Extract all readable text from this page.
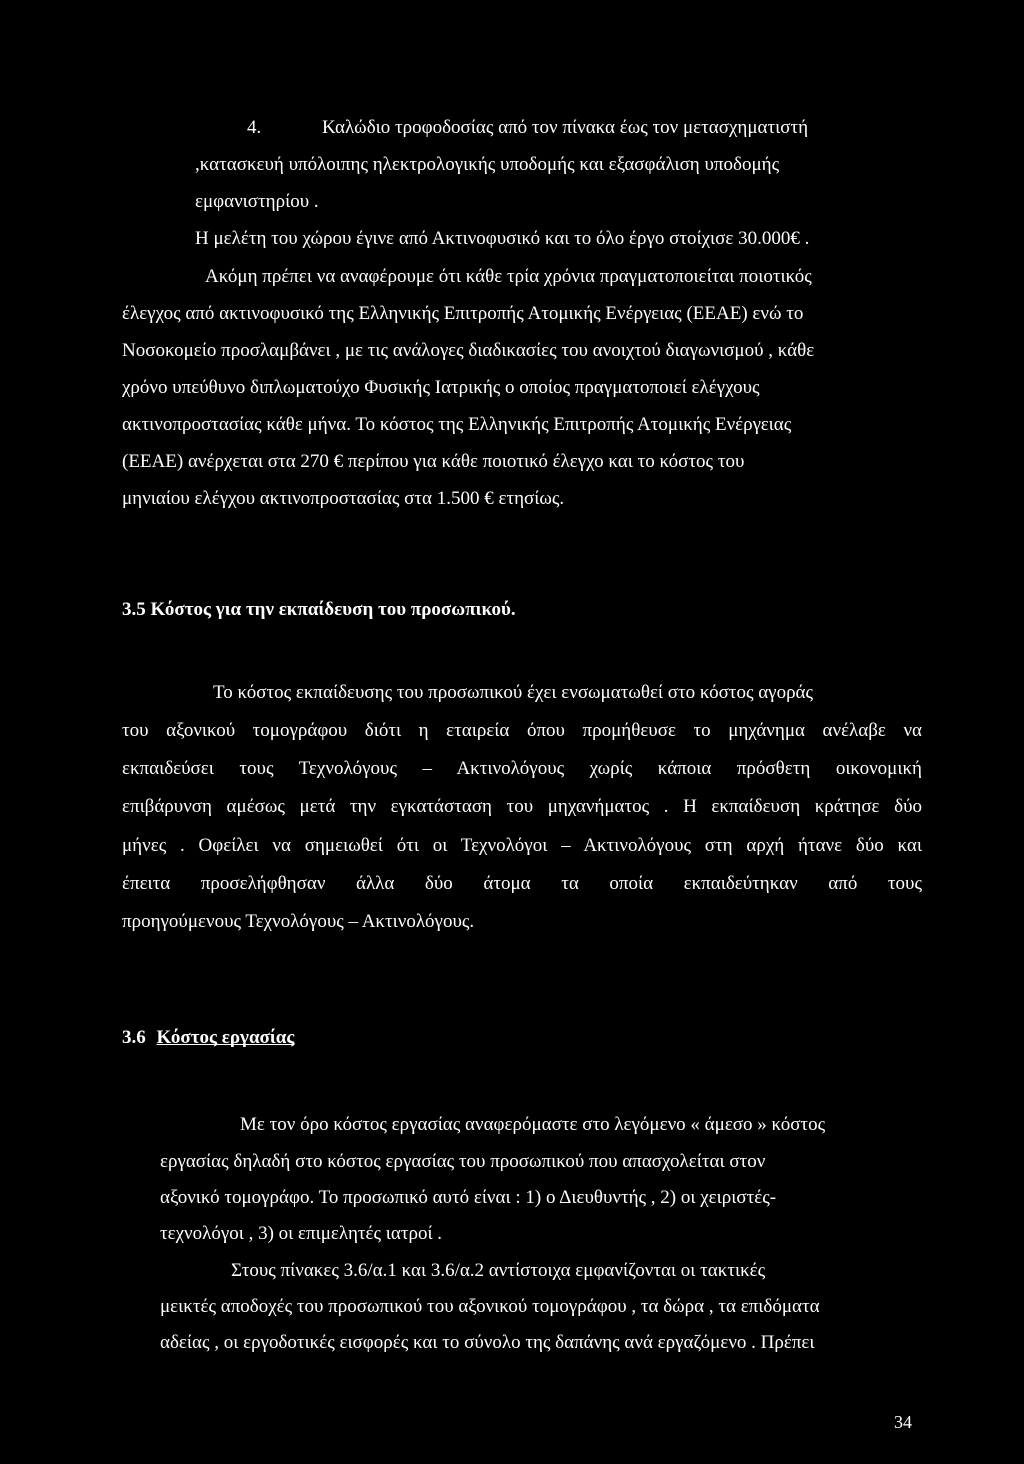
4.	Καλώδιο τροφοδοσίας από τον πίνακα έως τον μετασχηματιστή
,κατασκευή υπόλοιπης ηλεκτρολογικής υποδομής και εξασφάλιση υποδομής
εμφανιστηρίου .
Η μελέτη του χώρου έγινε από Ακτινοφυσικό και το όλο έργο στοίχισε 30.000€ .
Ακόμη πρέπει να αναφέρουμε ότι κάθε τρία χρόνια πραγματοποιείται ποιοτικός
έλεγχος από ακτινοφυσικό της Ελληνικής Επιτροπής Ατομικής Ενέργειας (ΕΕΑΕ) ενώ το
Νοσοκομείο προσλαμβάνει , με τις ανάλογες διαδικασίες του ανοιχτού διαγωνισμού , κάθε
χρόνο υπεύθυνο διπλωματούχο Φυσικής Ιατρικής ο οποίος πραγματοποιεί ελέγχους
ακτινοπροστασίας κάθε μήνα. Το κόστος της Ελληνικής Επιτροπής Ατομικής Ενέργειας
(ΕΕΑΕ) ανέρχεται στα 270 € περίπου για κάθε ποιοτικό έλεγχο και το κόστος του
μηνιαίου ελέγχου ακτινοπροστασίας στα 1.500 € ετησίως.
3.5 Κόστος για την εκπαίδευση του προσωπικού.
Το κόστος εκπαίδευσης του προσωπικού έχει ενσωματωθεί στο κόστος αγοράς
του αξονικού τομογράφου διότι η εταιρεία όπου προμήθευσε το μηχάνημα ανέλαβε να
εκπαιδεύσει τους Τεχνολόγους – Ακτινολόγους χωρίς κάποια πρόσθετη οικονομική
επιβάρυνση αμέσως μετά την εγκατάσταση του μηχανήματος . Η εκπαίδευση κράτησε δύο
μήνες . Οφείλει να σημειωθεί ότι οι Τεχνολόγοι – Ακτινολόγους στη αρχή ήτανε δύο και
έπειτα προσελήφθησαν άλλα δύο άτομα τα οποία εκπαιδεύτηκαν από τους
προηγούμενους Τεχνολόγους – Ακτινολόγους.
3.6 Κόστος εργασίας
Με τον όρο κόστος εργασίας αναφερόμαστε στο λεγόμενο « άμεσο » κόστος
εργασίας δηλαδή στο κόστος εργασίας του προσωπικού που απασχολείται στον
αξονικό τομογράφο. Το προσωπικό αυτό είναι : 1) ο Διευθυντής , 2) οι χειριστές-
τεχνολόγοι , 3) οι επιμελητές ιατροί .
Στους πίνακες 3.6/α.1 και 3.6/α.2 αντίστοιχα εμφανίζονται οι τακτικές
μεικτές αποδοχές του προσωπικού του αξονικού τομογράφου , τα δώρα , τα επιδόματα
αδείας , οι εργοδοτικές εισφορές και το σύνολο της δαπάνης ανά εργαζόμενο . Πρέπει
34
